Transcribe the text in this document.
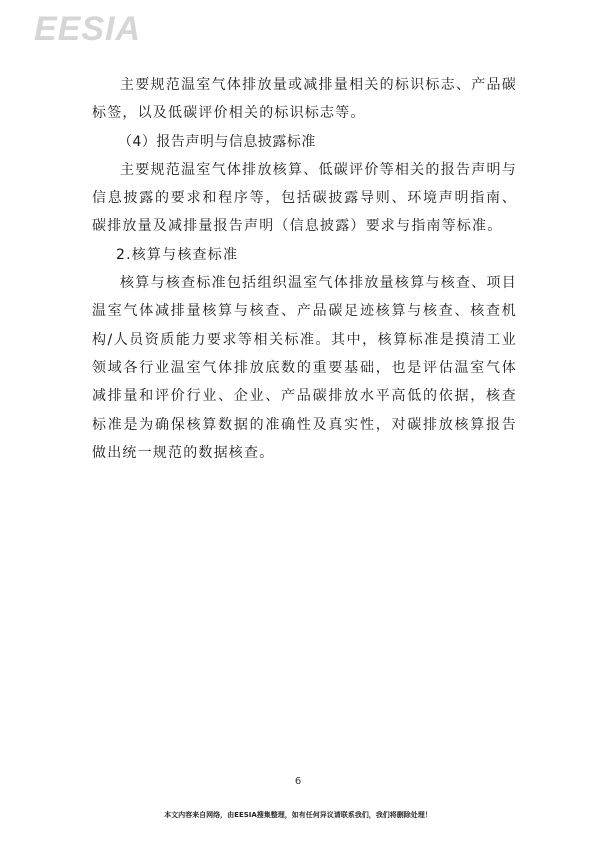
EESIA

主要规范温室气体排放量或减排量相关的标识标志、产品碳标签，以及低碳评价相关的标识标志等。

（4）报告声明与信息披露标准

主要规范温室气体排放核算、低碳评价等相关的报告声明与信息披露的要求和程序等，包括碳披露导则、环境声明指南、碳排放量及减排量报告声明（信息披露）要求与指南等标准。

2.核算与核查标准

核算与核查标准包括组织温室气体排放量核算与核查、项目温室气体减排量核算与核查、产品碳足迹核算与核查、核查机构/人员资质能力要求等相关标准。其中，核算标准是摸清工业领域各行业温室气体排放底数的重要基础，也是评估温室气体减排量和评价行业、企业、产品碳排放水平高低的依据，核查标准是为确保核算数据的准确性及真实性，对碳排放核算报告做出统一规范的数据核查。

6
本文内容来自网络，由EESIA搜集整理，如有任何异议请联系我们，我们将删除处理！
